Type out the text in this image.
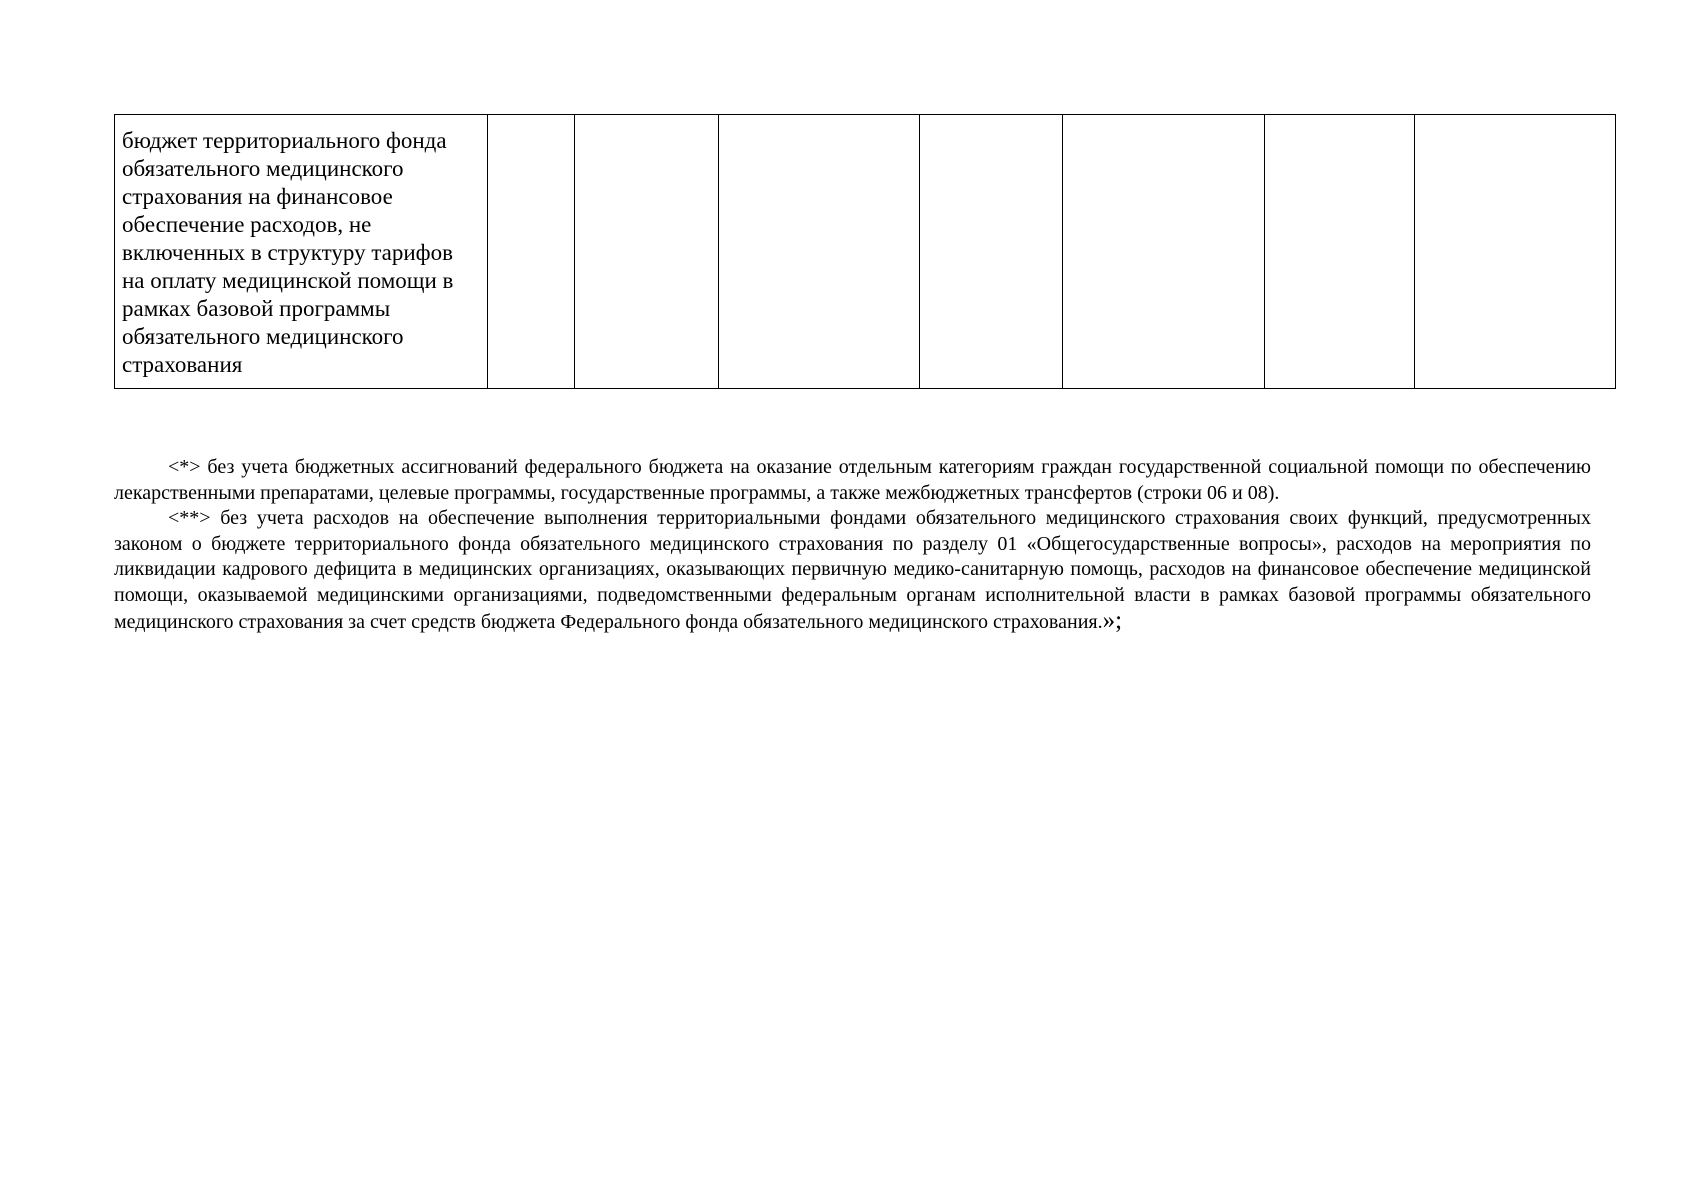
бюджет территориального фонда обязательного медицинского страхования на финансовое обеспечение расходов, не включенных в структуру тарифов на оплату медицинской помощи в рамках базовой программы обязательного медицинского страхования							

<*> без учета бюджетных ассигнований федерального бюджета на оказание отдельным категориям граждан государственной социальной помощи по обеспечению лекарственными препаратами, целевые программы, государственные программы, а также межбюджетных трансфертов (строки 06 и 08).

<**> без учета расходов на обеспечение выполнения территориальными фондами обязательного медицинского страхования своих функций, предусмотренных законом о бюджете территориального фонда обязательного медицинского страхования по разделу 01 «Общегосударственные вопросы», расходов на мероприятия по ликвидации кадрового дефицита в медицинских организациях, оказывающих первичную медико-санитарную помощь, расходов на финансовое обеспечение медицинской помощи, оказываемой медицинскими организациями, подведомственными федеральным органам исполнительной власти в рамках базовой программы обязательного медицинского страхования за счет средств бюджета Федерального фонда обязательного медицинского страхования.»;
